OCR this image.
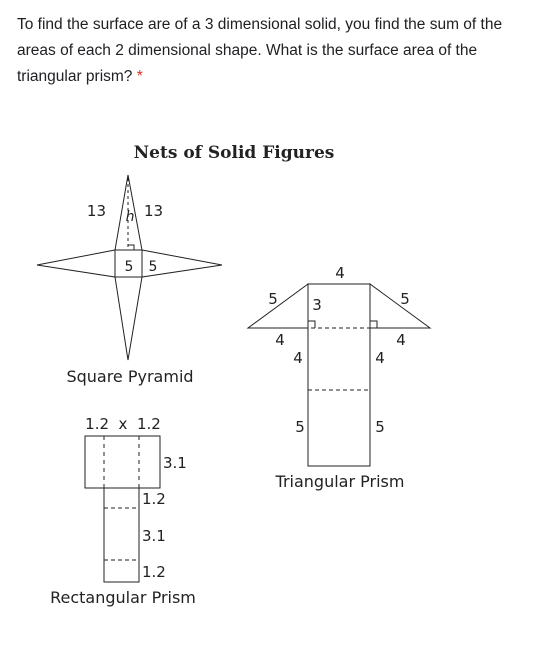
To find the surface are of a 3 dimensional solid, you find the sum of the areas of each 2 dimensional shape. What is the surface area of the triangular prism? *
Nets of Solid Figures
13 h 13
5 5
Square Pyramid
4
5	5
3
4	4
4	4
5	5
Triangular Prism
1.2  x  1.2
3.1
1.2
3.1
1.2
Rectangular Prism
